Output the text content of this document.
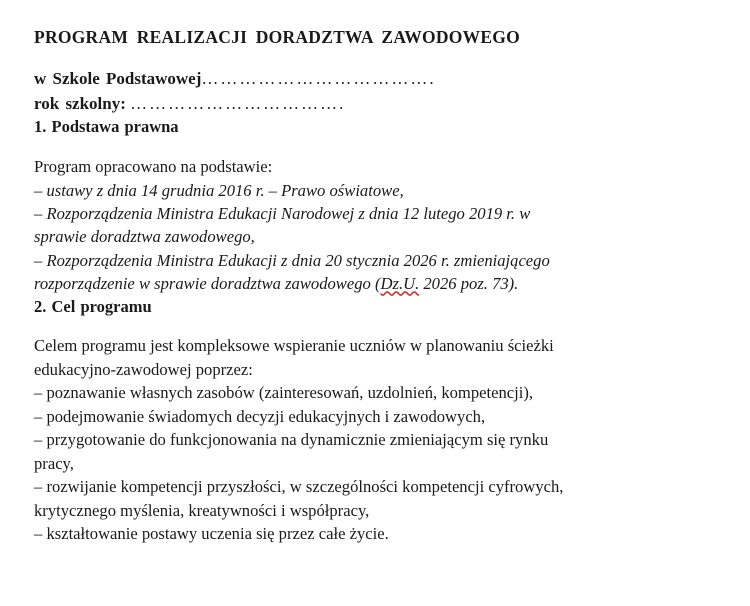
PROGRAM REALIZACJI DORADZTWA ZAWODOWEGO
w Szkole Podstawowej……………………………….
rok szkolny: …………………………….
1. Podstawa prawna
Program opracowano na podstawie:
– ustawy z dnia 14 grudnia 2016 r. – Prawo oświatowe,
– Rozporządzenia Ministra Edukacji Narodowej z dnia 12 lutego 2019 r. w
sprawie doradztwa zawodowego,
– Rozporządzenia Ministra Edukacji z dnia 20 stycznia 2026 r. zmieniającego
rozporządzenie w sprawie doradztwa zawodowego (Dz.U. 2026 poz. 73).
2. Cel programu
Celem programu jest kompleksowe wspieranie uczniów w planowaniu ścieżki
edukacyjno-zawodowej poprzez:
– poznawanie własnych zasobów (zainteresowań, uzdolnień, kompetencji),
– podejmowanie świadomych decyzji edukacyjnych i zawodowych,
– przygotowanie do funkcjonowania na dynamicznie zmieniającym się rynku
pracy,
– rozwijanie kompetencji przyszłości, w szczególności kompetencji cyfrowych,
krytycznego myślenia, kreatywności i współpracy,
– kształtowanie postawy uczenia się przez całe życie.
